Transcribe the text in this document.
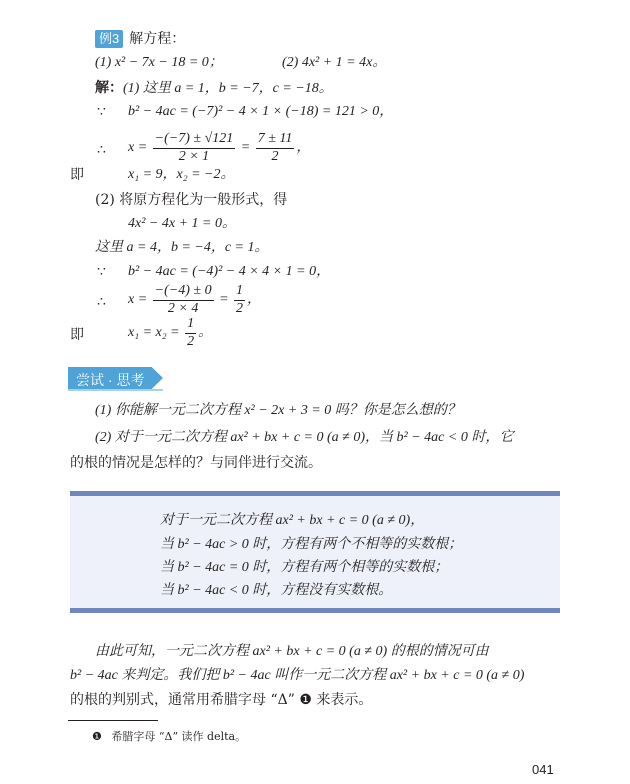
例3 解方程：
(1) x² − 7x − 18 = 0；	(2) 4x² + 1 = 4x。
解：(1) 这里 a = 1，b = −7，c = −18。
∵ b² − 4ac = (−7)² − 4 × 1 × (−18) = 121 > 0，
∴ $x = \frac{-(-7) \pm √121}{2 \times 1} = \frac{7 \pm 11}{2}$ ，
即	x₁ = 9，x₂ = −2。
(2) 将原方程化为一般形式，得
4x² − 4x + 1 = 0。
这里 a = 4，b = −4，c = 1。
∵ b² − 4ac = (−4)² − 4 × 4 × 1 = 0，
∴ $x = \frac{-(-4) \pm 0}{2 \times 4} = \frac{1}{2}$ ，
即	$x_1 = x_2 = \frac{1}{2}$ 。
尝试 · 思考
(1) 你能解一元二次方程 x² − 2x + 3 = 0 吗？你是怎么想的？
(2) 对于一元二次方程 ax² + bx + c = 0 (a ≠ 0)，当 b² − 4ac < 0 时，它
的根的情况是怎样的？与同伴进行交流。
对于一元二次方程 ax² + bx + c = 0 (a ≠ 0)，
当 b² − 4ac > 0 时，方程有两个不相等的实数根；
当 b² − 4ac = 0 时，方程有两个相等的实数根；
当 b² − 4ac < 0 时，方程没有实数根。
由此可知，一元二次方程 ax² + bx + c = 0 (a ≠ 0) 的根的情况可由
b² − 4ac 来判定。我们把 b² − 4ac 叫作一元二次方程 ax² + bx + c = 0 (a ≠ 0)
的根的判别式，通常用希腊字母 “Δ” ❶ 来表示。
❶ 希腊字母 “Δ” 读作 delta。
041
